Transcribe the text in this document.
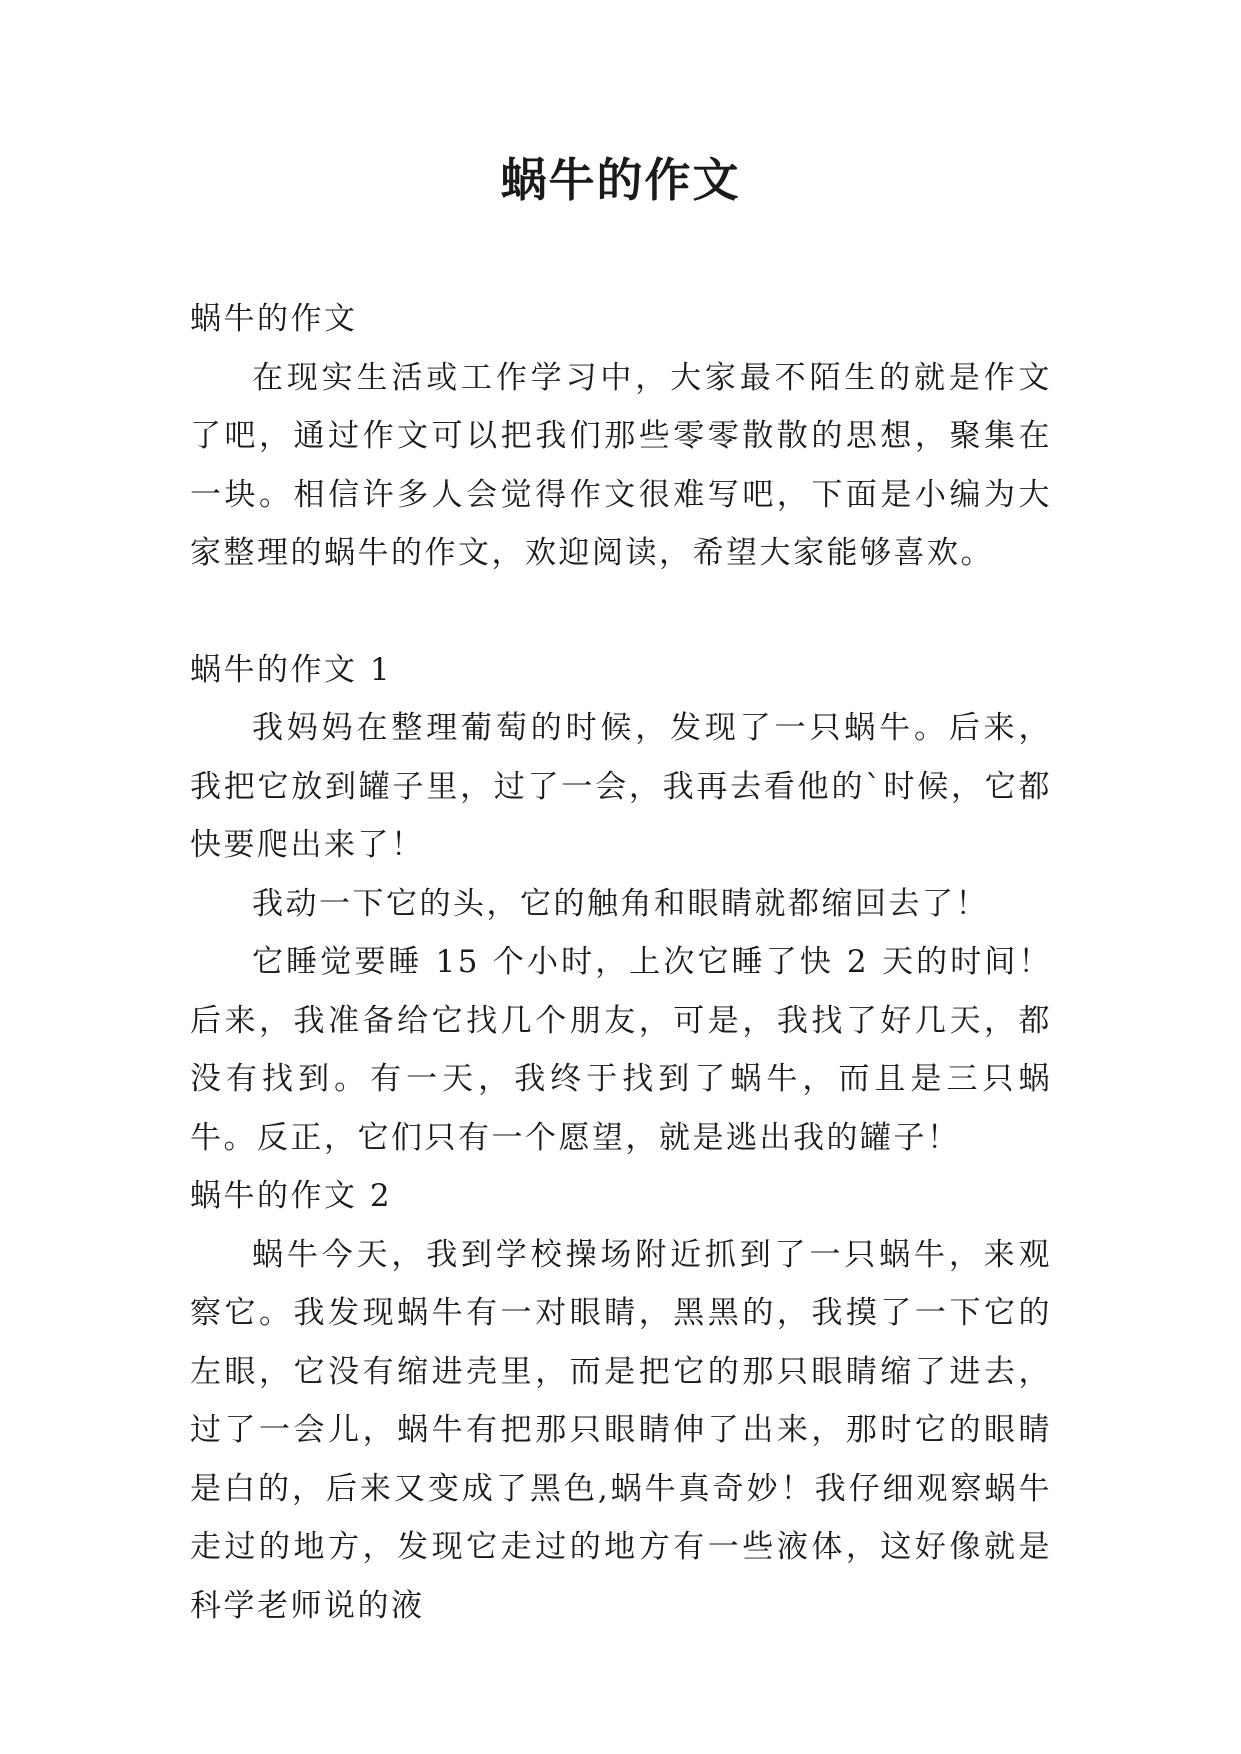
蜗牛的作文

蜗牛的作文

在现实生活或工作学习中，大家最不陌生的就是作文了吧，通过作文可以把我们那些零零散散的思想，聚集在一块。相信许多人会觉得作文很难写吧，下面是小编为大家整理的蜗牛的作文，欢迎阅读，希望大家能够喜欢。

蜗牛的作文 1

我妈妈在整理葡萄的时候，发现了一只蜗牛。后来，我把它放到罐子里，过了一会，我再去看他的`时候，它都快要爬出来了！

我动一下它的头，它的触角和眼睛就都缩回去了！

它睡觉要睡 15 个小时，上次它睡了快 2 天的时间！后来，我准备给它找几个朋友，可是，我找了好几天，都没有找到。有一天，我终于找到了蜗牛，而且是三只蜗牛。反正，它们只有一个愿望，就是逃出我的罐子！

蜗牛的作文 2

蜗牛今天，我到学校操场附近抓到了一只蜗牛，来观察它。我发现蜗牛有一对眼睛，黑黑的，我摸了一下它的左眼，它没有缩进壳里，而是把它的那只眼睛缩了进去，过了一会儿，蜗牛有把那只眼睛伸了出来，那时它的眼睛是白的，后来又变成了黑色,蜗牛真奇妙！我仔细观察蜗牛走过的地方，发现它走过的地方有一些液体，这好像就是科学老师说的液
